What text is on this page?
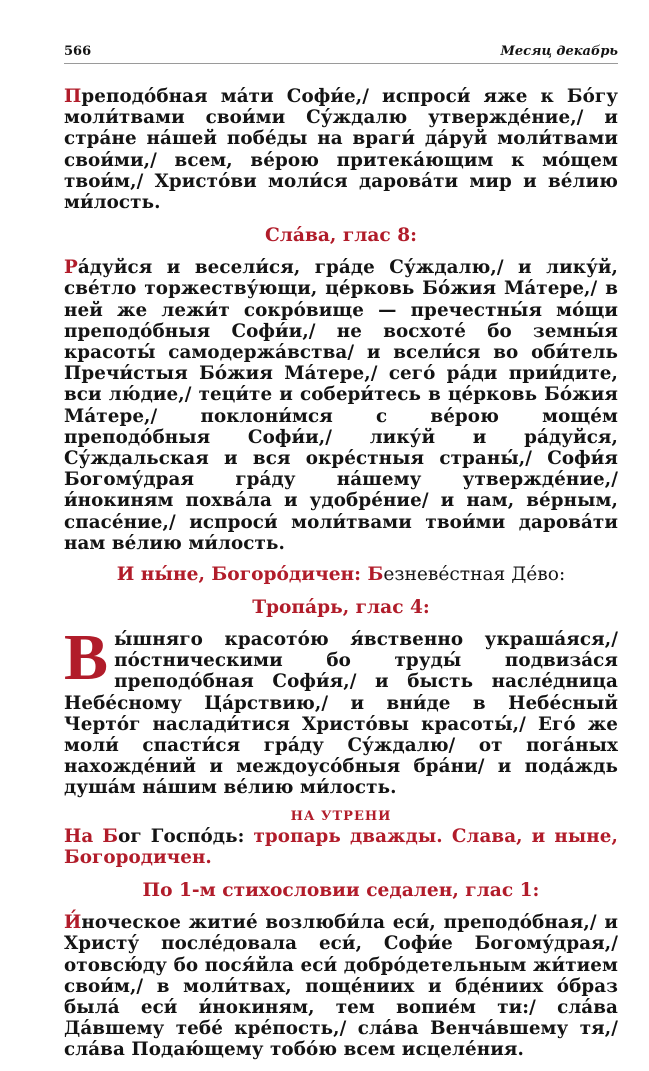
566	Месяц декабрь

Преподо́бная ма́ти Софи́е,/ испроси́ яже к Бо́гу моли́твами свои́ми Су́ждалю утвержде́ние,/ и стра́не на́шей побе́ды на враги́ да́руй моли́твами свои́ми,/ всем, ве́рою притека́ющим к мо́щем твои́м,/ Христо́ви моли́ся дарова́ти мир и ве́лию ми́лость.

Сла́ва, глас 8:

Ра́дуйся и весели́ся, гра́де Су́ждалю,/ и лику́й, све́тло торжеству́ющи, це́рковь Бо́жия Ма́тере,/ в ней же лежи́т сокро́вище — пречестны́я мо́щи преподо́бныя Софи́и,/ не восхоте́ бо земны́я красоты́ самодержа́вства/ и всели́ся во оби́тель Пречи́стыя Бо́жия Ма́тере,/ сего́ ра́ди прии́дите, вси лю́дие,/ теци́те и собери́тесь в це́рковь Бо́жия Ма́тере,/ поклони́мся с ве́рою моще́м преподо́бныя Софи́и,/ лику́й и ра́дуйся, Су́ждальская и вся окре́стныя страны́,/ Софи́я Богому́драя гра́ду на́шему утвержде́ние,/ и́нокиням похва́ла и удобре́ние/ и нам, ве́рным, спасе́ние,/ испроси́ моли́твами твои́ми дарова́ти нам ве́лию ми́лость.

И ны́не, Богоро́дичен: Безневе́стная Де́во:
Тропа́рь, глас 4:

Вы́шняго красото́ю я́вственно украша́яся,/ по́стническими бо труды́ подвиза́ся преподо́бная Софи́я,/ и бысть насле́дница Небе́сному Ца́рствию,/ и вни́де в Небе́сный Черто́г наслади́тися Христо́вы красоты́,/ Его́ же моли́ спасти́ся гра́ду Су́ждалю/ от пога́ных нахожде́ний и междоусо́бныя бра́ни/ и пода́ждь душа́м на́шим ве́лию ми́лость.

НА УТРЕНИ

На Бог Госпо́дь: тропарь дважды. Слава, и ныне, Богородичен.

По 1-м стихословии седален, глас 1:

И́ноческое житие́ возлюби́ла еси́, преподо́бная,/ и Христу́ после́довала еси́, Софи́е Богому́драя,/ отовсю́ду бо пося́йла еси́ добро́детельным жи́тием свои́м,/ в моли́твах, поще́ниих и бде́ниих о́браз была́ еси́ и́нокиням, тем вопие́м ти:/ сла́ва Да́вшему тебе́ кре́пость,/ сла́ва Венча́вшему тя,/ сла́ва Подаю́щему тобо́ю всем исцеле́ния.
